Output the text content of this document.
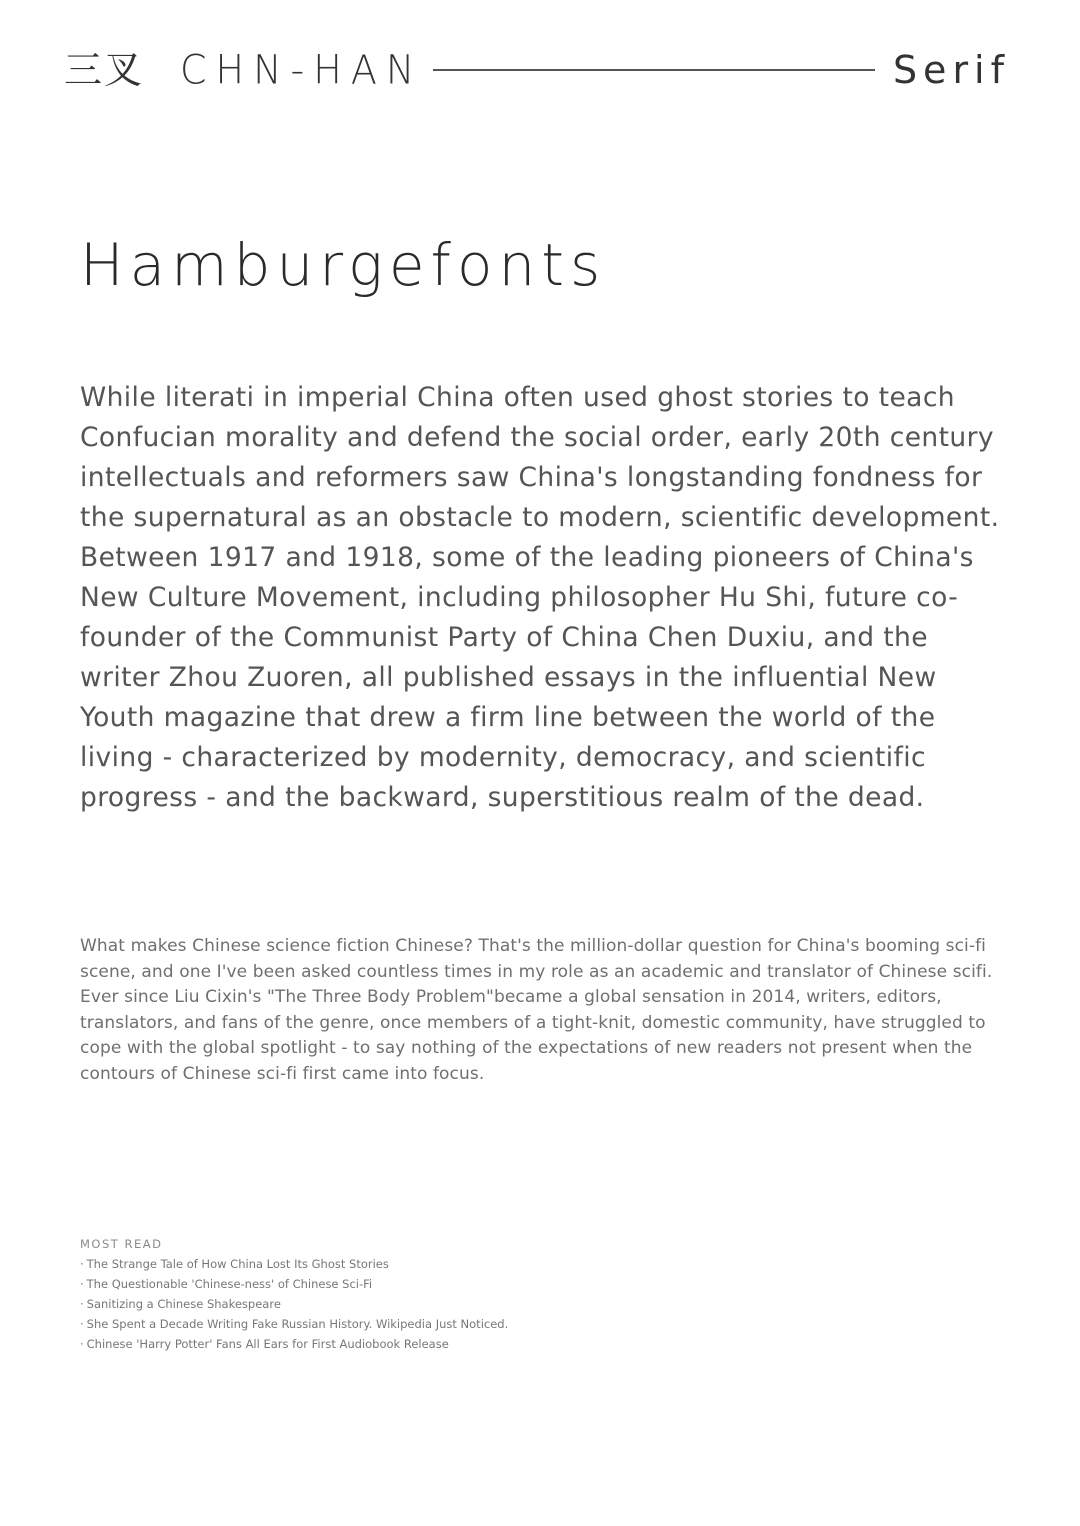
三叉 CHN-HAN	Serif
Hamburgefonts

While literati in imperial China often used ghost stories to teach Confucian morality and defend the social order, early 20th century intellectuals and reformers saw China's longstanding fondness for the supernatural as an obstacle to modern, scientific development. Between 1917 and 1918, some of the leading pioneers of China's New Culture Movement, including philosopher Hu Shi, future co-founder of the Communist Party of China Chen Duxiu, and the writer Zhou Zuoren, all published essays in the influential New Youth magazine that drew a firm line between the world of the living - characterized by modernity, democracy, and scientific progress - and the backward, superstitious realm of the dead.

What makes Chinese science fiction Chinese? That's the million-dollar question for China's booming sci-fi scene, and one I've been asked countless times in my role as an academic and translator of Chinese scifi. Ever since Liu Cixin's "The Three Body Problem"became a global sensation in 2014, writers, editors, translators, and fans of the genre, once members of a tight-knit, domestic community, have struggled to cope with the global spotlight - to say nothing of the expectations of new readers not present when the contours of Chinese sci-fi first came into focus.

MOST READ
· The Strange Tale of How China Lost Its Ghost Stories
· The Questionable 'Chinese-ness' of Chinese Sci-Fi
· Sanitizing a Chinese Shakespeare
· She Spent a Decade Writing Fake Russian History. Wikipedia Just Noticed.
· Chinese 'Harry Potter' Fans All Ears for First Audiobook Release
